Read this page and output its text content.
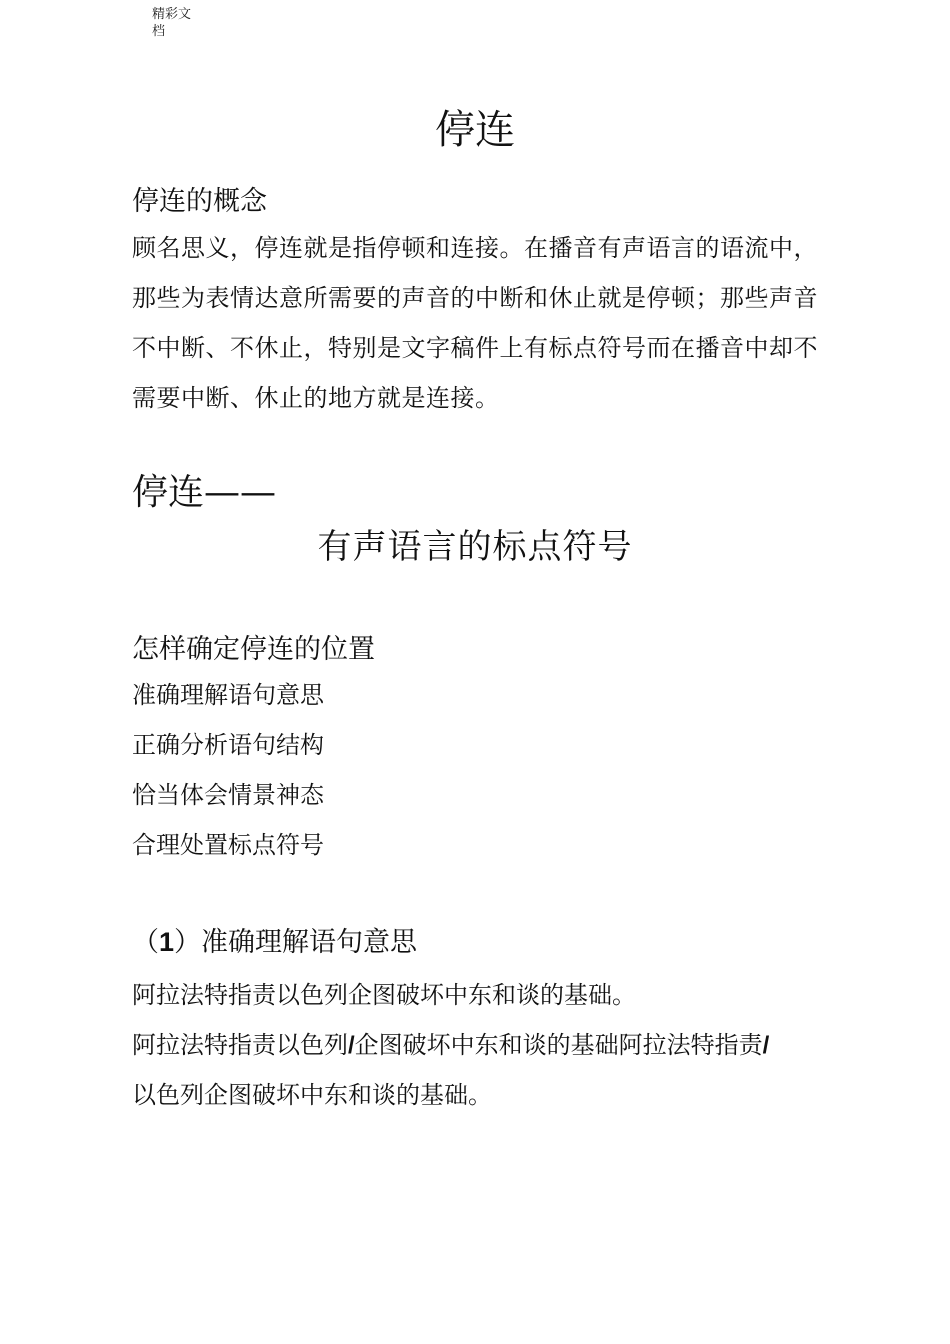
精彩文档
停连
停连的概念
顾名思义，停连就是指停顿和连接。在播音有声语言的语流中，那些为表情达意所需要的声音的中断和休止就是停顿；那些声音不中断、不休止，特别是文字稿件上有标点符号而在播音中却不需要中断、休止的地方就是连接。
停连——
有声语言的标点符号
怎样确定停连的位置
准确理解语句意思
正确分析语句结构
恰当体会情景神态
合理处置标点符号
（1）准确理解语句意思
阿拉法特指责以色列企图破坏中东和谈的基础。
阿拉法特指责以色列/企图破坏中东和谈的基础阿拉法特指责/
以色列企图破坏中东和谈的基础。
